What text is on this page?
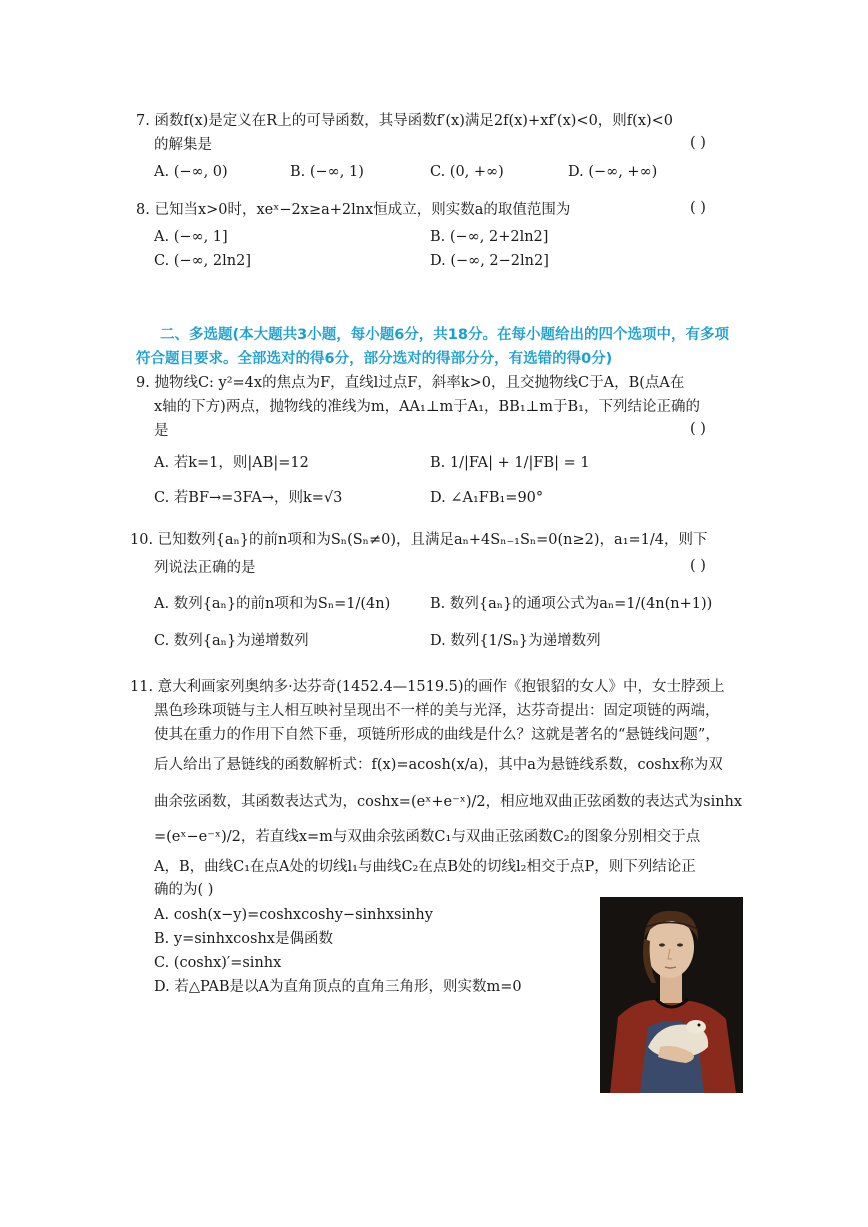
7. 函数f(x)是定义在R上的可导函数，其导函数f′(x)满足2f(x)+xf′(x)<0，则f(x)<0
的解集是	( )
A. (−∞, 0)	B. (−∞, 1)	C. (0, +∞)	D. (−∞, +∞)
8. 已知当x>0时，xeˣ−2x≥a+2lnx恒成立，则实数a的取值范围为	( )
A. (−∞, 1]	B. (−∞, 2+2ln2]
C. (−∞, 2ln2]	D. (−∞, 2−2ln2]
二、多选题(本大题共3小题，每小题6分，共18分。在每小题给出的四个选项中，有多项
符合题目要求。全部选对的得6分，部分选对的得部分分，有选错的得0分)
9. 抛物线C: y²=4x的焦点为F，直线l过点F，斜率k>0，且交抛物线C于A，B(点A在
x轴的下方)两点，抛物线的准线为m，AA₁⊥m于A₁，BB₁⊥m于B₁，下列结论正确的
是	( )
A. 若k=1，则|AB|=12	B. 1/|FA| + 1/|FB| = 1
C. 若BF→=3FA→，则k=√3	D. ∠A₁FB₁=90°
10. 已知数列{aₙ}的前n项和为Sₙ(Sₙ≠0)，且满足aₙ+4Sₙ₋₁Sₙ=0(n≥2)，a₁=1/4，则下
列说法正确的是	( )
A. 数列{aₙ}的前n项和为Sₙ=1/(4n)	B. 数列{aₙ}的通项公式为aₙ=1/(4n(n+1))
C. 数列{aₙ}为递增数列	D. 数列{1/Sₙ}为递增数列
11. 意大利画家列奥纳多·达芬奇(1452.4—1519.5)的画作《抱银貂的女人》中，女士脖颈上
黑色珍珠项链与主人相互映衬呈现出不一样的美与光泽，达芬奇提出：固定项链的两端，
使其在重力的作用下自然下垂，项链所形成的曲线是什么？这就是著名的“悬链线问题”，
后人给出了悬链线的函数解析式：f(x)=acosh(x/a)，其中a为悬链线系数，coshx称为双
曲余弦函数，其函数表达式为，coshx=(eˣ+e⁻ˣ)/2，相应地双曲正弦函数的表达式为sinhx
=(eˣ−e⁻ˣ)/2，若直线x=m与双曲余弦函数C₁与双曲正弦函数C₂的图象分别相交于点
A，B，曲线C₁在点A处的切线l₁与曲线C₂在点B处的切线l₂相交于点P，则下列结论正
确的为( )
A. cosh(x−y)=coshxcoshy−sinhxsinhy
B. y=sinhxcoshx是偶函数
C. (coshx)′=sinhx
D. 若△PAB是以A为直角顶点的直角三角形，则实数m=0
